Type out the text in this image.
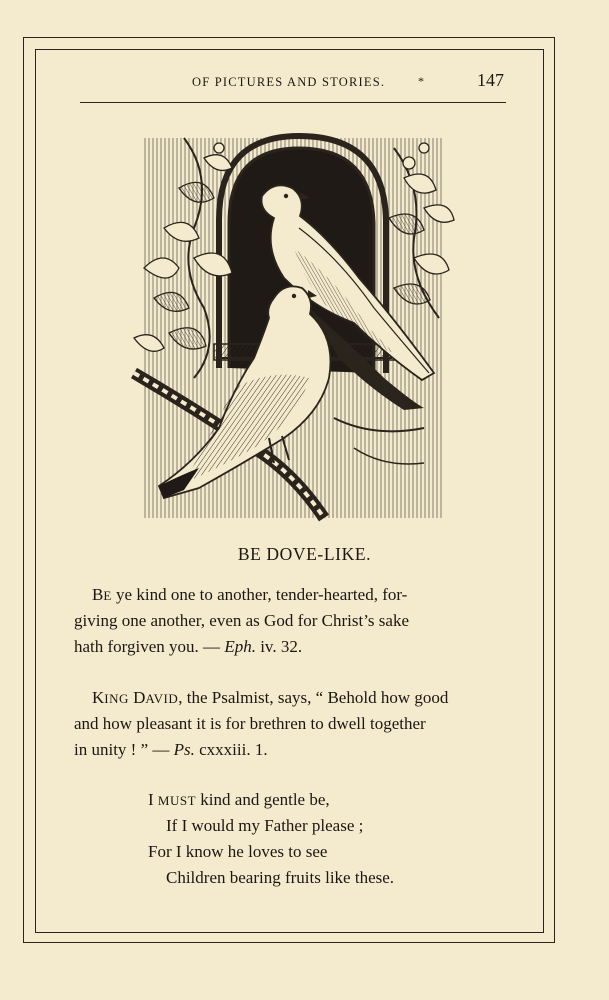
OF PICTURES AND STORIES.	*	147
BE DOVE-LIKE.
BE ye kind one to another, tender-hearted, for-
giving one another, even as God for Christ’s sake
hath forgiven you. — Eph. iv. 32.
KING DAVID, the Psalmist, says, “ Behold how good
and how pleasant it is for brethren to dwell together
in unity ! ” — Ps. cxxxiii. 1.
I MUST kind and gentle be,
If I would my Father please ;
For I know he loves to see
Children bearing fruits like these.
